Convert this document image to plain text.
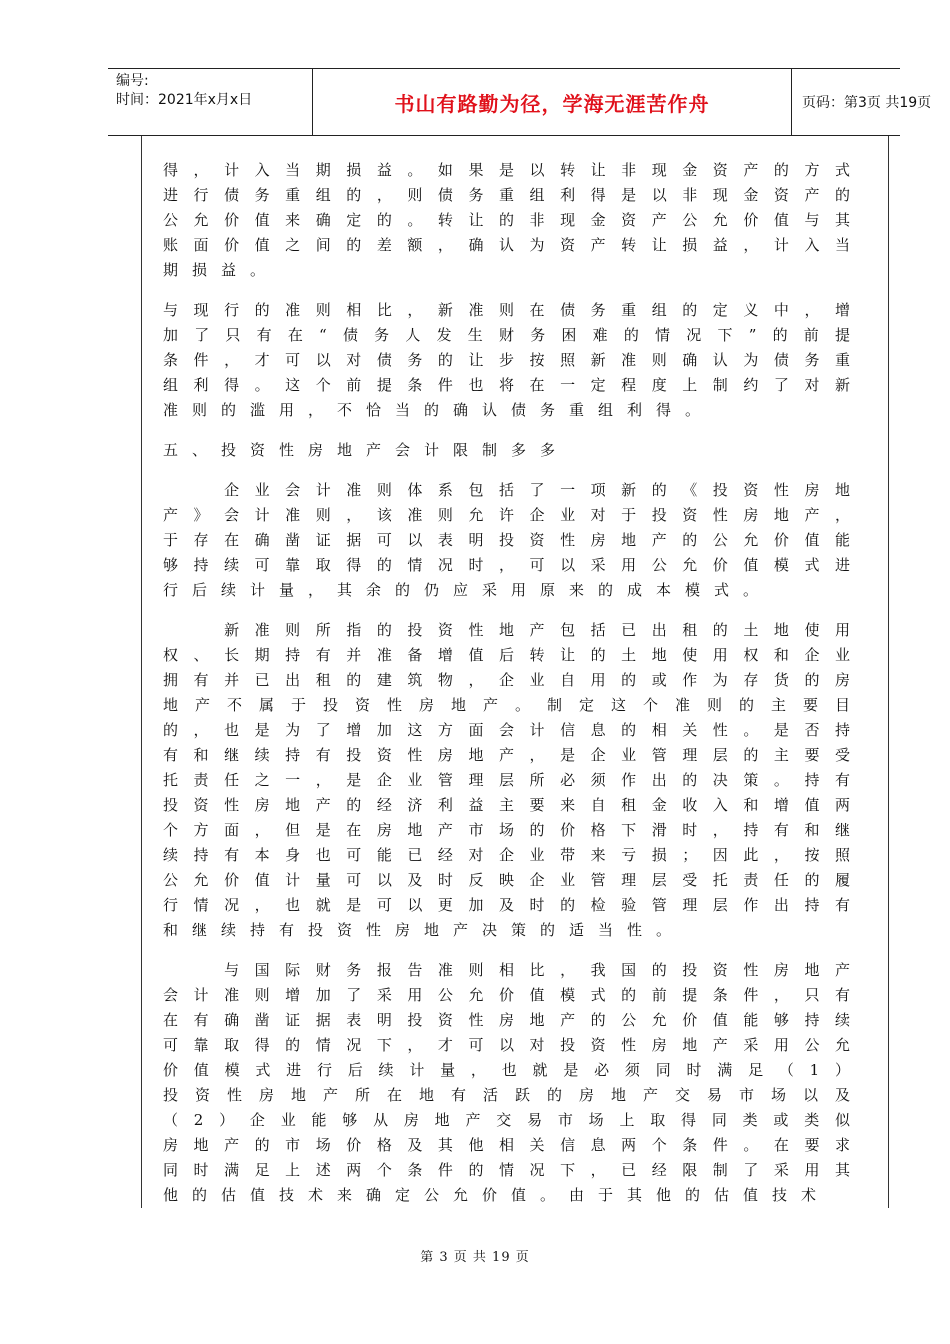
编号:
时间：2021年x月x日	书山有路勤为径，学海无涯苦作舟	页码：第3页 共19页
得，计入当期损益。如果是以转让非现金资产的方式
进行债务重组的，则债务重组利得是以非现金资产的
公允价值来确定的。转让的非现金资产公允价值与其
账面价值之间的差额，确认为资产转让损益，计入当
期损益。
与现行的准则相比，新准则在债务重组的定义中，增
加了只有在“债务人发生财务困难的情况下”的前提
条件，才可以对债务的让步按照新准则确认为债务重
组利得。这个前提条件也将在一定程度上制约了对新
准则的滥用，不恰当的确认债务重组利得。
五、投资性房地产会计限制多多
　　企业会计准则体系包括了一项新的《投资性房地
产》会计准则，该准则允许企业对于投资性房地产，
于存在确凿证据可以表明投资性房地产的公允价值能
够持续可靠取得的情况时，可以采用公允价值模式进
行后续计量，其余的仍应采用原来的成本模式。
　　新准则所指的投资性地产包括已出租的土地使用
权、长期持有并准备增值后转让的土地使用权和企业
拥有并已出租的建筑物，企业自用的或作为存货的房
地产不属于投资性房地产。制定这个准则的主要目
的，也是为了增加这方面会计信息的相关性。是否持
有和继续持有投资性房地产，是企业管理层的主要受
托责任之一，是企业管理层所必须作出的决策。持有
投资性房地产的经济利益主要来自租金收入和增值两
个方面，但是在房地产市场的价格下滑时，持有和继
续持有本身也可能已经对企业带来亏损；因此，按照
公允价值计量可以及时反映企业管理层受托责任的履
行情况，也就是可以更加及时的检验管理层作出持有
和继续持有投资性房地产决策的适当性。
　　与国际财务报告准则相比，我国的投资性房地产
会计准则增加了采用公允价值模式的前提条件，只有
在有确凿证据表明投资性房地产的公允价值能够持续
可靠取得的情况下，才可以对投资性房地产采用公允
价值模式进行后续计量，也就是必须同时满足（1）
投资性房地产所在地有活跃的房地产交易市场以及
（2）企业能够从房地产交易市场上取得同类或类似
房地产的市场价格及其他相关信息两个条件。在要求
同时满足上述两个条件的情况下，已经限制了采用其
他的估值技术来确定公允价值。由于其他的估值技术
第 3 页 共 19 页
